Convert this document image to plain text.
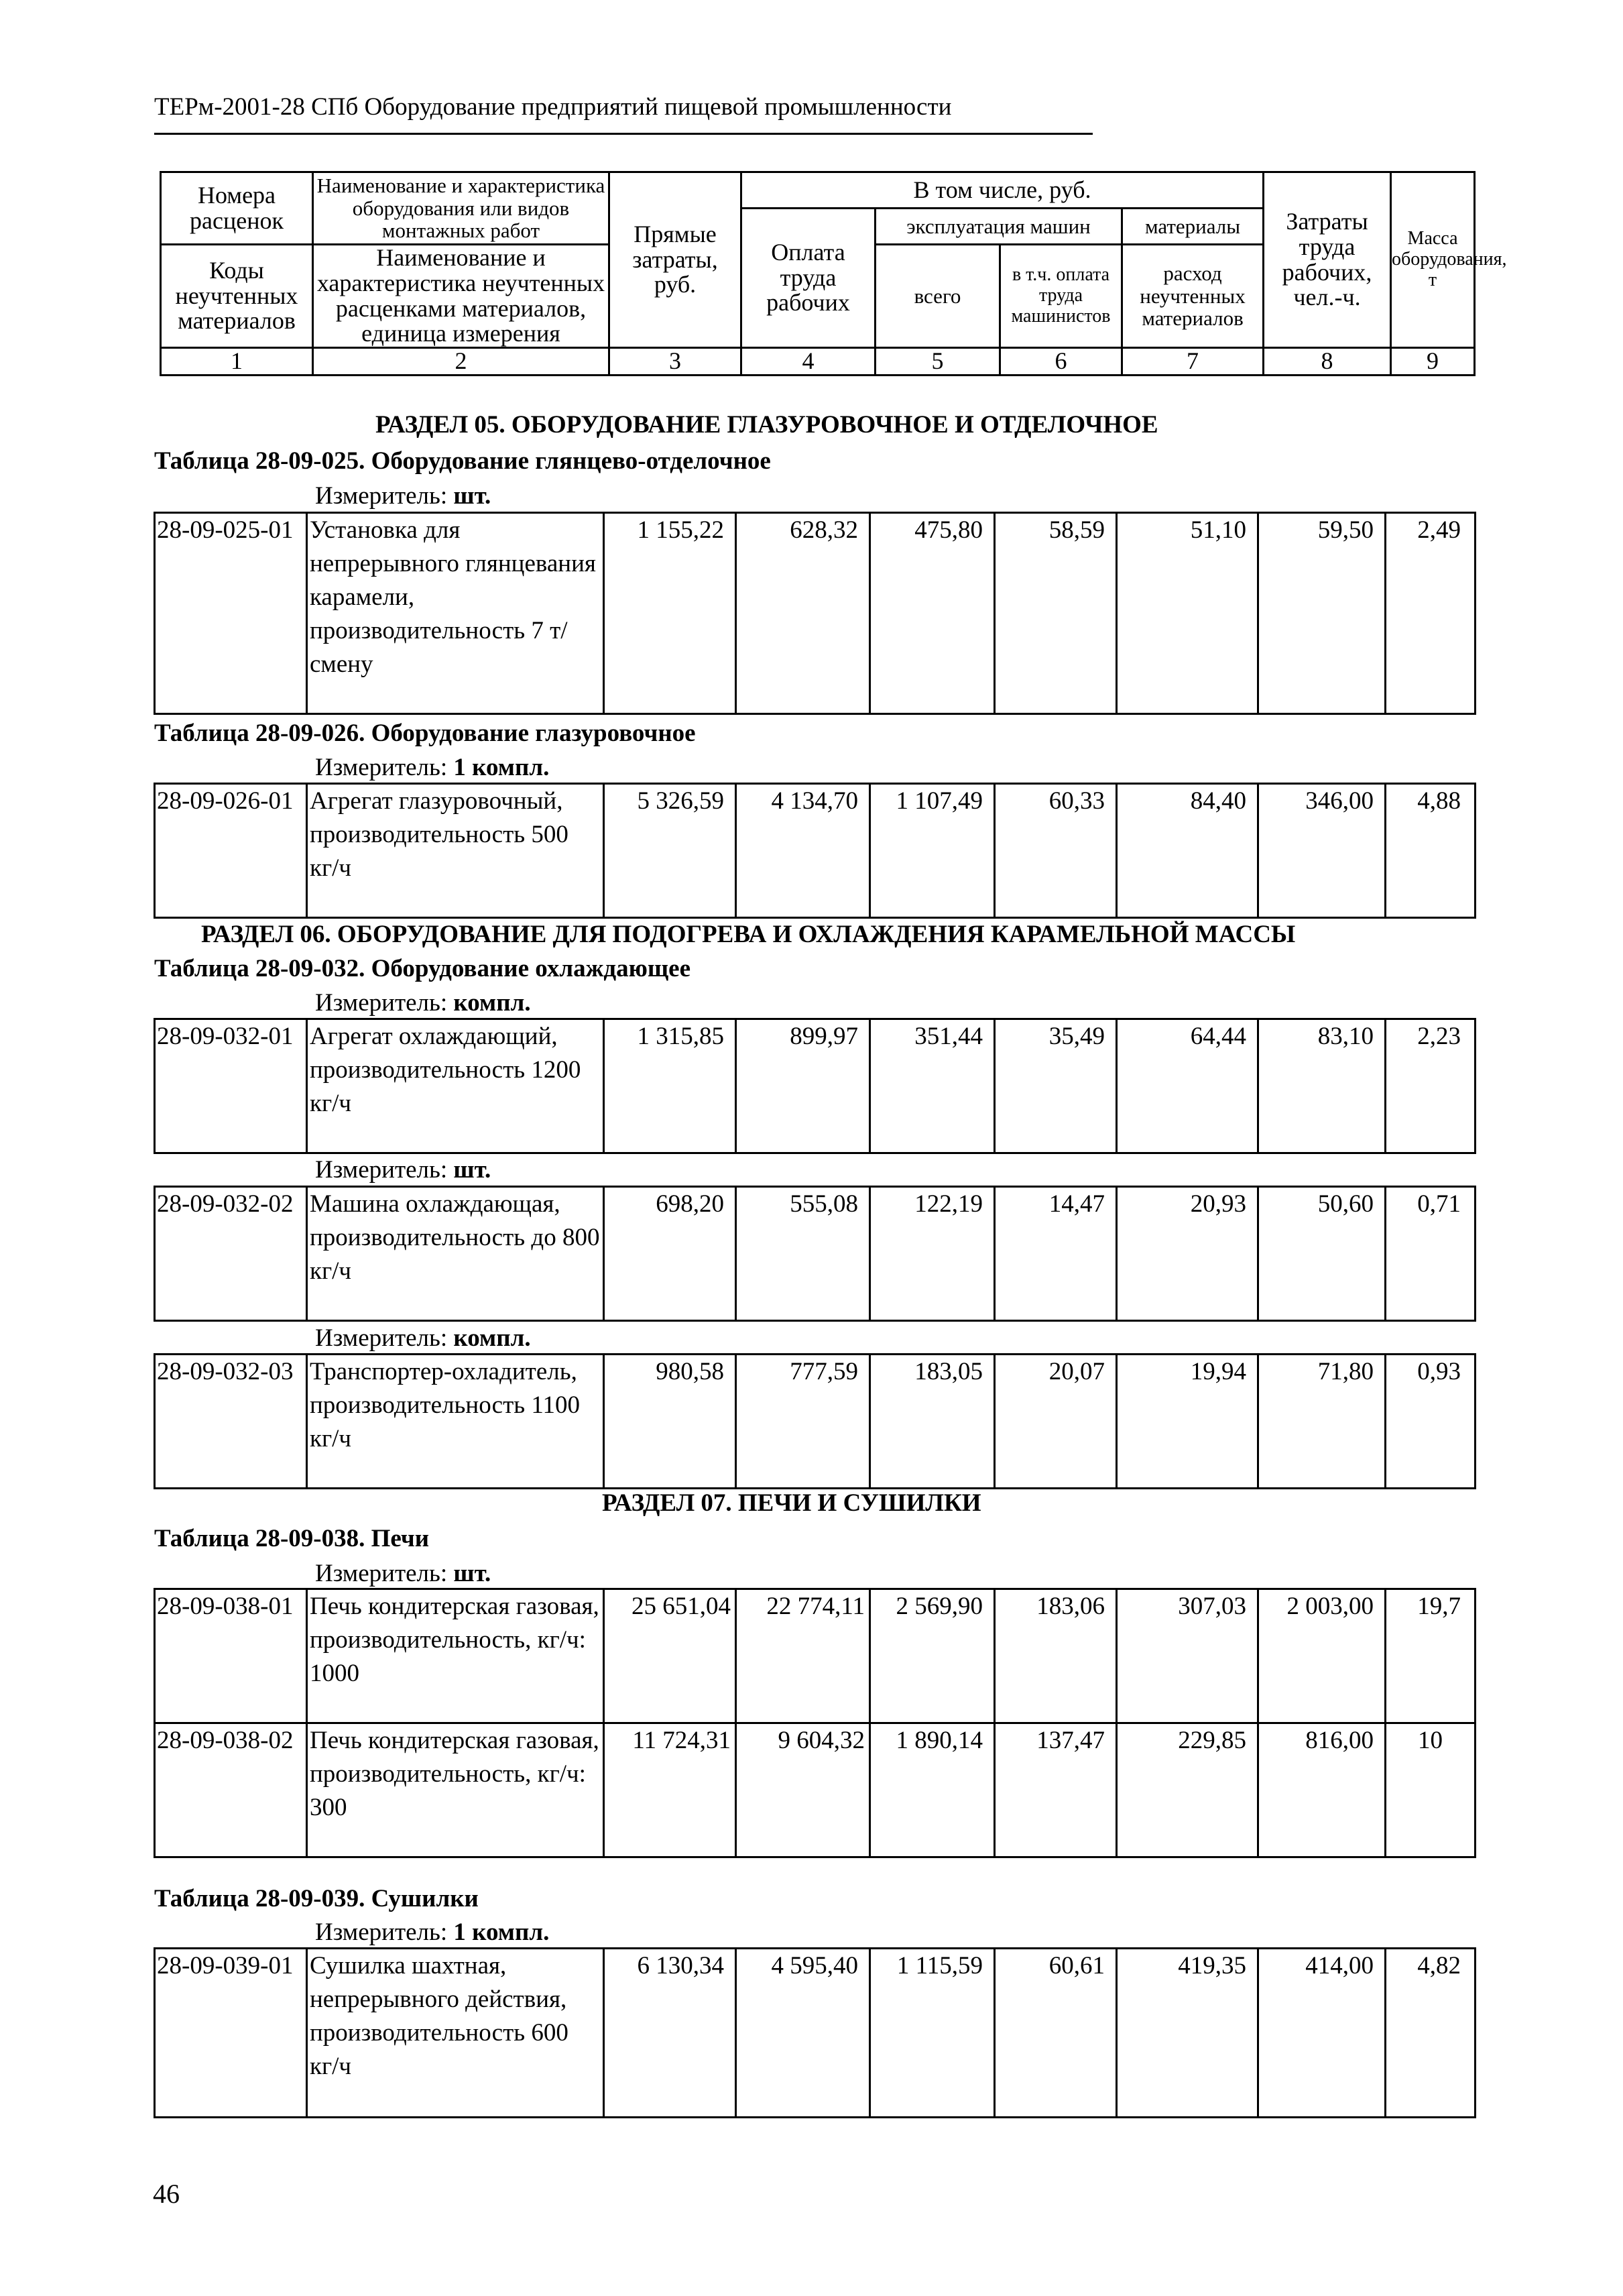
ТЕРм-2001-28 СПб Оборудование предприятий пищевой промышленности
Номера расценок	Наименование и характеристика оборудования или видов монтажных работ	Прямые затраты, руб.	В том числе, руб.				Затраты труда рабочих, чел.-ч.	Масса оборудования, т
			Оплата труда рабочих	эксплуатация машин		материалы		
Коды неучтенных материалов	Наименование и характеристика неучтенных расценками материалов, единица измерения			всего	в т.ч. оплата труда машинистов	расход неучтенных материалов		

1	2	3	4	5	6	7	8	9
РАЗДЕЛ 05. ОБОРУДОВАНИЕ ГЛАЗУРОВОЧНОЕ И ОТДЕЛОЧНОЕ
Таблица 28-09-025. Оборудование глянцево-отделочное
Измеритель: шт.
28-09-025-01	Установка для непрерывного глянцевания карамели, производительность 7 т/смену	1 155,22	628,32	475,80	58,59	51,10	59,50	2,49
Таблица 28-09-026. Оборудование глазуровочное
Измеритель: 1 компл.
28-09-026-01	Агрегат глазуровочный, производительность 500 кг/ч	5 326,59	4 134,70	1 107,49	60,33	84,40	346,00	4,88
РАЗДЕЛ 06. ОБОРУДОВАНИЕ ДЛЯ ПОДОГРЕВА И ОХЛАЖДЕНИЯ КАРАМЕЛЬНОЙ МАССЫ
Таблица 28-09-032. Оборудование охлаждающее
Измеритель: компл.
28-09-032-01	Агрегат охлаждающий, производительность 1200 кг/ч	1 315,85	899,97	351,44	35,49	64,44	83,10	2,23
Измеритель: шт.
28-09-032-02	Машина охлаждающая, производительность до 800 кг/ч	698,20	555,08	122,19	14,47	20,93	50,60	0,71
Измеритель: компл.
28-09-032-03	Транспортер-охладитель, производительность 1100 кг/ч	980,58	777,59	183,05	20,07	19,94	71,80	0,93
РАЗДЕЛ 07. ПЕЧИ И СУШИЛКИ
Таблица 28-09-038. Печи
Измеритель: шт.
28-09-038-01	Печь кондитерская газовая, производительность, кг/ч: 1000	25 651,04	22 774,11	2 569,90	183,06	307,03	2 003,00	19,7
28-09-038-02	Печь кондитерская газовая, производительность, кг/ч: 300	11 724,31	9 604,32	1 890,14	137,47	229,85	816,00	10
Таблица 28-09-039. Сушилки
Измеритель: 1 компл.
28-09-039-01	Сушилка шахтная, непрерывного действия, производительность 600 кг/ч	6 130,34	4 595,40	1 115,59	60,61	419,35	414,00	4,82
46
